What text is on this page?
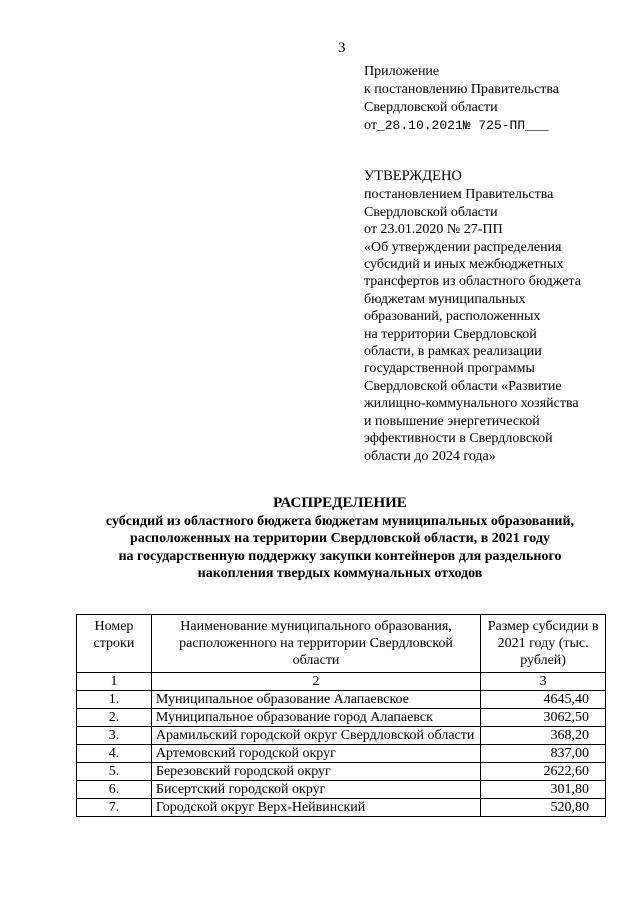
3
Приложение
к постановлению Правительства
Свердловской области
от_28.10.2021№ 725-ПП___
УТВЕРЖДЕНО
постановлением Правительства
Свердловской области
от 23.01.2020 № 27-ПП
«Об утверждении распределения
субсидий и иных межбюджетных
трансфертов из областного бюджета
бюджетам муниципальных
образований, расположенных
на территории Свердловской
области, в рамках реализации
государственной программы
Свердловской области «Развитие
жилищно-коммунального хозяйства
и повышение энергетической
эффективности в Свердловской
области до 2024 года»
РАСПРЕДЕЛЕНИЕ
субсидий из областного бюджета бюджетам муниципальных образований,
расположенных на территории Свердловской области, в 2021 году
на государственную поддержку закупки контейнеров для раздельного
накопления твердых коммунальных отходов
Номер строки	Наименование муниципального образования, расположенного на территории Свердловской области	Размер субсидии в 2021 году (тыс. рублей)
1	2	3
1.	Муниципальное образование Алапаевское	4645,40
2.	Муниципальное образование город Алапаевск	3062,50
3.	Арамильский городской округ Свердловской области	368,20
4.	Артемовский городской округ	837,00
5.	Березовский городской округ	2622,60
6.	Бисертский городской округ	301,80
7.	Городской округ Верх-Нейвинский	520,80
